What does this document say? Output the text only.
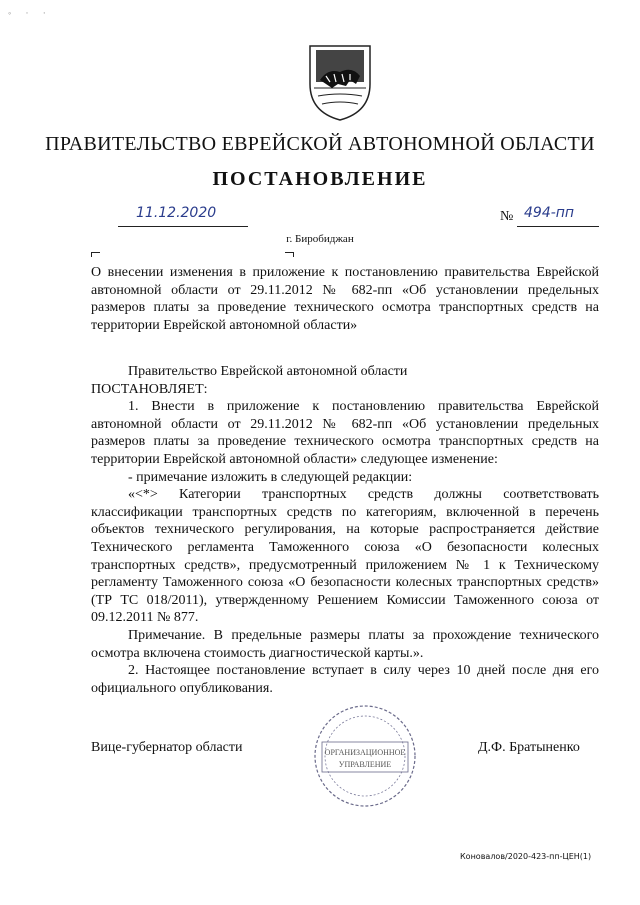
◦ · ·
ПРАВИТЕЛЬСТВО ЕВРЕЙСКОЙ АВТОНОМНОЙ ОБЛАСТИ
ПОСТАНОВЛЕНИЕ
11.12.2020	№ 494-пп
г. Биробиджан
О внесении изменения в приложение к постановлению правительства Еврейской автономной области от 29.11.2012 № 682-пп «Об установлении предельных размеров платы за проведение технического осмотра транспортных средств на территории Еврейской автономной области»

Правительство Еврейской автономной области

ПОСТАНОВЛЯЕТ:

1. Внести в приложение к постановлению правительства Еврейской автономной области от 29.11.2012 № 682-пп «Об установлении предельных размеров платы за проведение технического осмотра транспортных средств на территории Еврейской автономной области» следующее изменение:

- примечание изложить в следующей редакции:

«<*> Категории транспортных средств должны соответствовать классификации транспортных средств по категориям, включенной в перечень объектов технического регулирования, на которые распространяется действие Технического регламента Таможенного союза «О безопасности колесных транспортных средств», предусмотренный приложением № 1 к Техническому регламенту Таможенного союза «О безопасности колесных транспортных средств» (ТР ТС 018/2011), утвержденному Решением Комиссии Таможенного союза от 09.12.2011 № 877.

Примечание. В предельные размеры платы за прохождение технического осмотра включена стоимость диагностической карты.».

2. Настоящее постановление вступает в силу через 10 дней после дня его официального опубликования.

Вице-губернатор области	ОРГАНИЗАЦИОННОЕ
УПРАВЛЕНИЕ
Д.Ф. Братыненко
Коновалов/2020-423-пп-ЦЕН(1)
